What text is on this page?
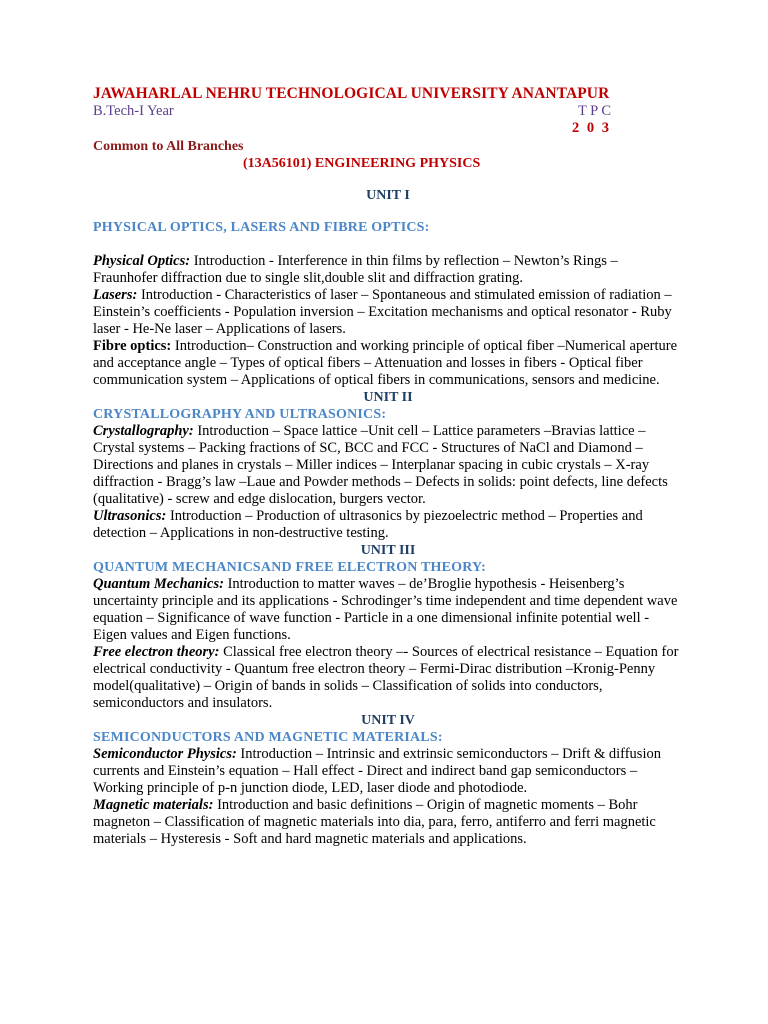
JAWAHARLAL NEHRU TECHNOLOGICAL UNIVERSITY ANANTAPUR
B.Tech-I Year	T P C
2 0 3
Common to All Branches
(13A56101) ENGINEERING PHYSICS
UNIT I
PHYSICAL OPTICS, LASERS AND FIBRE OPTICS:

Physical Optics: Introduction - Interference in thin films by reflection – Newton’s Rings – Fraunhofer diffraction due to single slit,double slit and diffraction grating.

Lasers: Introduction - Characteristics of laser – Spontaneous and stimulated emission of radiation – Einstein’s coefficients - Population inversion – Excitation mechanisms and optical resonator - Ruby laser - He-Ne laser – Applications of lasers.

Fibre optics: Introduction– Construction and working principle of optical fiber –Numerical aperture and acceptance angle – Types of optical fibers – Attenuation and losses in fibers - Optical fiber communication system – Applications of optical fibers in communications, sensors and medicine.

UNIT II
CRYSTALLOGRAPHY AND ULTRASONICS:

Crystallography: Introduction – Space lattice –Unit cell – Lattice parameters –Bravias lattice –Crystal systems – Packing fractions of SC, BCC and FCC - Structures of NaCl and Diamond –Directions and planes in crystals – Miller indices – Interplanar spacing in cubic crystals – X-ray diffraction - Bragg’s law –Laue and Powder methods – Defects in solids: point defects, line defects (qualitative) - screw and edge dislocation, burgers vector.

Ultrasonics: Introduction – Production of ultrasonics by piezoelectric method – Properties and detection – Applications in non-destructive testing.

UNIT III
QUANTUM MECHANICSAND FREE ELECTRON THEORY:

Quantum Mechanics: Introduction to matter waves – de’Broglie hypothesis - Heisenberg’s uncertainty principle and its applications - Schrodinger’s time independent and time dependent wave equation – Significance of wave function - Particle in a one dimensional infinite potential well - Eigen values and Eigen functions.

Free electron theory: Classical free electron theory –- Sources of electrical resistance – Equation for electrical conductivity - Quantum free electron theory – Fermi-Dirac distribution –Kronig-Penny model(qualitative) – Origin of bands in solids – Classification of solids into conductors, semiconductors and insulators.

UNIT IV
SEMICONDUCTORS AND MAGNETIC MATERIALS:

Semiconductor Physics: Introduction – Intrinsic and extrinsic semiconductors – Drift & diffusion currents and Einstein’s equation – Hall effect - Direct and indirect band gap semiconductors – Working principle of p-n junction diode, LED, laser diode and photodiode.

Magnetic materials: Introduction and basic definitions – Origin of magnetic moments – Bohr magneton – Classification of magnetic materials into dia, para, ferro, antiferro and ferri magnetic materials – Hysteresis - Soft and hard magnetic materials and applications.
